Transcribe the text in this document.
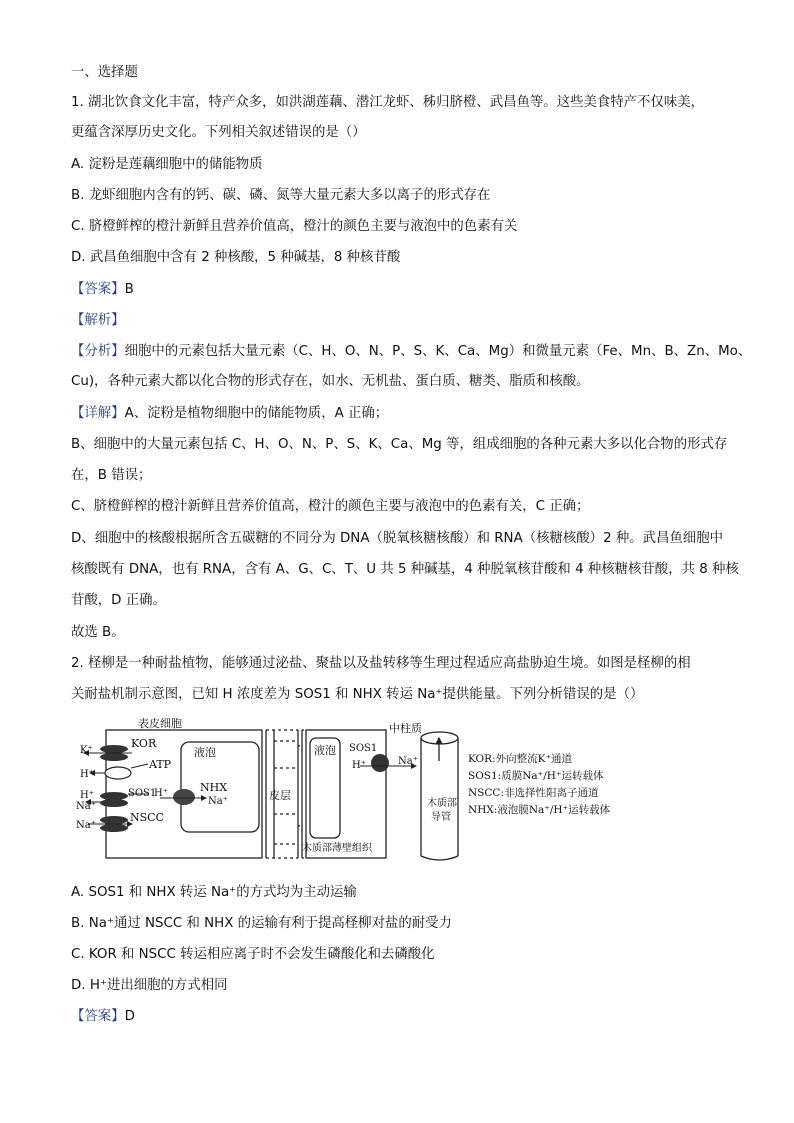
一、选择题
1. 湖北饮食文化丰富，特产众多，如洪湖莲藕、潜江龙虾、秭归脐橙、武昌鱼等。这些美食特产不仅味美，
更蕴含深厚历史文化。下列相关叙述错误的是（）
A. 淀粉是莲藕细胞中的储能物质
B. 龙虾细胞内含有的钙、碳、磷、氮等大量元素大多以离子的形式存在
C. 脐橙鲜榨的橙汁新鲜且营养价值高，橙汁的颜色主要与液泡中的色素有关
D. 武昌鱼细胞中含有 2 种核酸，5 种碱基，8 种核苷酸
【答案】B
【解析】
【分析】细胞中的元素包括大量元素（C、H、O、N、P、S、K、Ca、Mg）和微量元素（Fe、Mn、B、Zn、Mo、
Cu)，各种元素大都以化合物的形式存在，如水、无机盐、蛋白质、糖类、脂质和核酸。
【详解】A、淀粉是植物细胞中的储能物质，A 正确；
B、细胞中的大量元素包括 C、H、O、N、P、S、K、Ca、Mg 等，组成细胞的各种元素大多以化合物的形式存
在，B 错误；
C、脐橙鲜榨的橙汁新鲜且营养价值高，橙汁的颜色主要与液泡中的色素有关，C 正确；
D、细胞中的核酸根据所含五碳糖的不同分为 DNA（脱氧核糖核酸）和 RNA（核糖核酸）2 种。武昌鱼细胞中
核酸既有 DNA，也有 RNA，含有 A、G、C、T、U 共 5 种碱基，4 种脱氧核苷酸和 4 种核糖核苷酸，共 8 种核
苷酸，D 正确。
故选 B。
2. 柽柳是一种耐盐植物，能够通过泌盐、聚盐以及盐转移等生理过程适应高盐胁迫生境。如图是柽柳的相
关耐盐机制示意图，已知 H 浓度差为 SOS1 和 NHX 转运 Na⁺提供能量。下列分析错误的是（）
表皮细胞
液泡
皮层
液泡
中柱质
木质部薄壁组织
木质部
导管
KOR
ATP
NHX
SOS1
NSCC
SOS1
K⁺
H⁺
H⁺
Na⁺
Na⁺
H⁺
Na⁺
H⁺	Na⁺	KOR:外向整流K⁺通道
SOS1:质膜Na⁺/H⁺运转载体
NSCC:非选择性阳离子通道
NHX:液泡膜Na⁺/H⁺运转载体
A. SOS1 和 NHX 转运 Na⁺的方式均为主动运输
B. Na⁺通过 NSCC 和 NHX 的运输有利于提高柽柳对盐的耐受力
C. KOR 和 NSCC 转运相应离子时不会发生磷酸化和去磷酸化
D. H⁺进出细胞的方式相同
【答案】D
